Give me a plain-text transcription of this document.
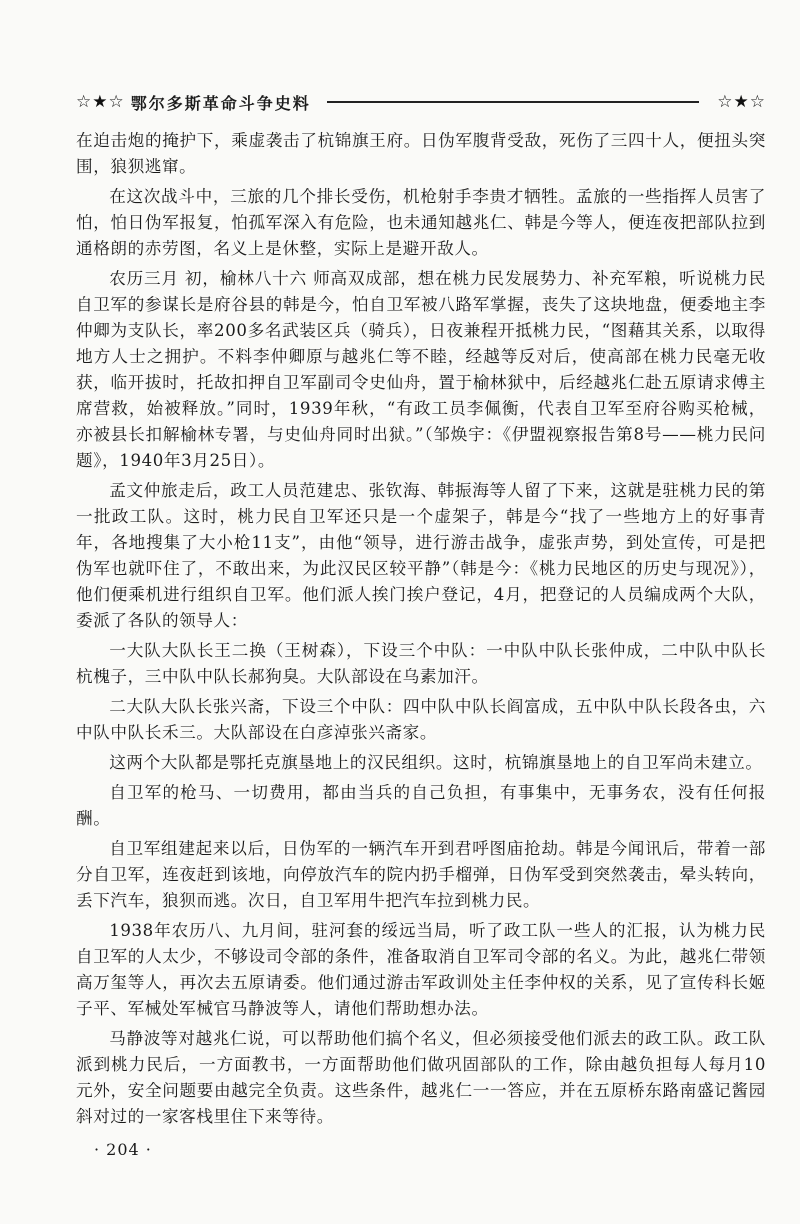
☆★☆ 鄂尔多斯革命斗争史料	☆★☆

在迫击炮的掩护下，乘虚袭击了杭锦旗王府。日伪军腹背受敌，死伤了三四十人，便扭头突围，狼狈逃窜。

在这次战斗中，三旅的几个排长受伤，机枪射手李贵才牺牲。孟旅的一些指挥人员害了怕，怕日伪军报复，怕孤军深入有危险，也未通知越兆仁、韩是今等人，便连夜把部队拉到通格朗的赤劳图，名义上是休整，实际上是避开敌人。

农历三月 初，榆林八十六 师高双成部，想在桃力民发展势力、补充军粮，听说桃力民自卫军的参谋长是府谷县的韩是今，怕自卫军被八路军掌握，丧失了这块地盘，便委地主李仲卿为支队长，率200多名武装区兵（骑兵），日夜兼程开抵桃力民，“图藉其关系，以取得地方人士之拥护。不料李仲卿原与越兆仁等不睦，经越等反对后，使高部在桃力民毫无收获，临开拔时，托故扣押自卫军副司令史仙舟，置于榆林狱中，后经越兆仁赴五原请求傅主席营救，始被释放。”同时，1939年秋，“有政工员李佩衡，代表自卫军至府谷购买枪械，亦被县长扣解榆林专署，与史仙舟同时出狱。”（邹焕宇：《伊盟视察报告第8号——桃力民问题》，1940年3月25日）。

孟文仲旅走后，政工人员范建忠、张钦海、韩振海等人留了下来，这就是驻桃力民的第一批政工队。这时，桃力民自卫军还只是一个虚架子，韩是今“找了一些地方上的好事青年，各地搜集了大小枪11支”，由他“领导，进行游击战争，虚张声势，到处宣传，可是把伪军也就吓住了，不敢出来，为此汉民区较平静”（韩是今：《桃力民地区的历史与现况》），他们便乘机进行组织自卫军。他们派人挨门挨户登记，4月，把登记的人员编成两个大队，委派了各队的领导人：

一大队大队长王二换（王树森），下设三个中队：一中队中队长张仲成，二中队中队长杭槐子，三中队中队长郝狗臭。大队部设在乌素加汗。

二大队大队长张兴斋，下设三个中队：四中队中队长阎富成，五中队中队长段各虫，六中队中队长禾三。大队部设在白彦淖张兴斋家。

这两个大队都是鄂托克旗垦地上的汉民组织。这时，杭锦旗垦地上的自卫军尚未建立。

自卫军的枪马、一切费用，都由当兵的自己负担，有事集中，无事务农，没有任何报酬。

自卫军组建起来以后，日伪军的一辆汽车开到君呼图庙抢劫。韩是今闻讯后，带着一部分自卫军，连夜赶到该地，向停放汽车的院内扔手榴弹，日伪军受到突然袭击，晕头转向，丢下汽车，狼狈而逃。次日，自卫军用牛把汽车拉到桃力民。

1938年农历八、九月间，驻河套的绥远当局，听了政工队一些人的汇报，认为桃力民自卫军的人太少，不够设司令部的条件，准备取消自卫军司令部的名义。为此，越兆仁带领高万玺等人，再次去五原请委。他们通过游击军政训处主任李仲权的关系，见了宣传科长姬子平、军械处军械官马静波等人，请他们帮助想办法。

马静波等对越兆仁说，可以帮助他们搞个名义，但必须接受他们派去的政工队。政工队派到桃力民后，一方面教书，一方面帮助他们做巩固部队的工作，除由越负担每人每月10元外，安全问题要由越完全负责。这些条件，越兆仁一一答应，并在五原桥东路南盛记酱园斜对过的一家客栈里住下来等待。

· 204 ·
